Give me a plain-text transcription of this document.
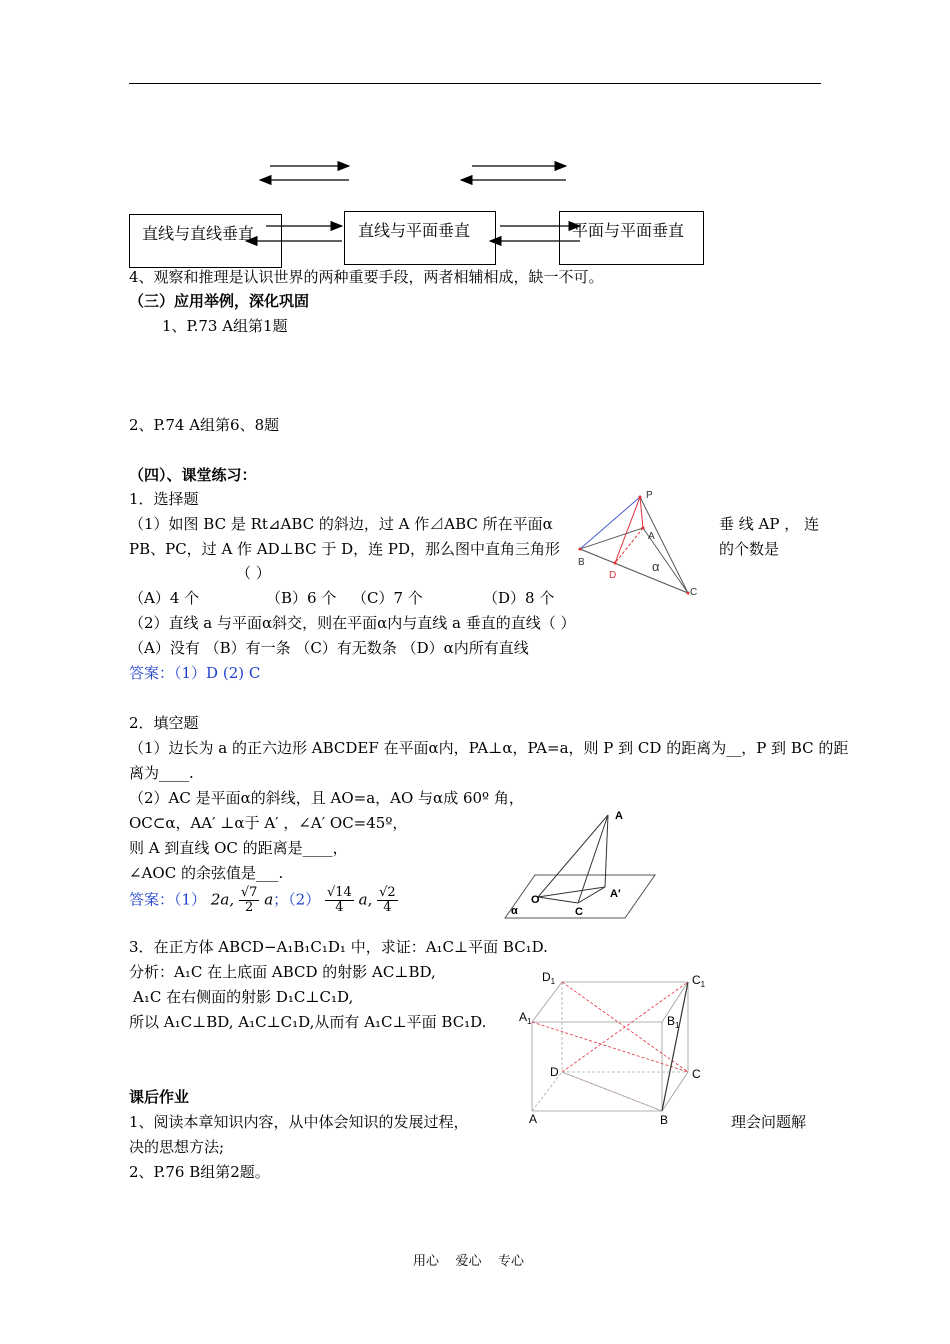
直线与直线垂直	直线与平面垂直	平面与平面垂直
4、观察和推理是认识世界的两种重要手段，两者相辅相成，缺一不可。
（三）应用举例，深化巩固
1、P.73 A组第1题
2、P.74 A组第6、8题
（四）、课堂练习：
1．选择题
（1）如图 BC 是 Rt⊿ABC 的斜边，过 A 作⊿ABC 所在平面α	垂 线 AP ， 连
PB、PC，过 A 作 AD⊥BC 于 D，连 PD，那么图中直角三角形	的个数是
（ ）
（A）4 个	（B）6 个 （C）7 个	（D）8 个
（2）直线 a 与平面α斜交，则在平面α内与直线 a 垂直的直线（ ）
（A）没有 （B）有一条 （C）有无数条 （D）α内所有直线
答案：（1）D (2) C
P
A
B
D
C
α
2．填空题
（1）边长为 a 的正六边形 ABCDEF 在平面α内，PA⊥α，PA=a，则 P 到 CD 的距离为__，P 到 BC 的距
离为____.
（2）AC 是平面α的斜线，且 AO=a，AO 与α成 60º 角，
OC⊂α，AA′ ⊥α于 A′ ，∠A′ OC=45º，
则 A 到直线 OC 的距离是____，
∠AOC 的余弦值是___.
答案：（1） 2a, $\frac{√7}{2}$ a；$(2) \frac{√14}{4} a$, $\frac{√2}{4}$
A
O
C
A′
α
3．在正方体 ABCD−A₁B₁C₁D₁ 中，求证：A₁C⊥平面 BC₁D.
分析：A₁C 在上底面 ABCD 的射影 AC⊥BD,
A₁C 在右侧面的射影 D₁C⊥C₁D,
所以 A₁C⊥BD, A₁C⊥C₁D,从而有 A₁C⊥平面 BC₁D.
$D_1$	$C_1$
$A_1$	$B_1$
D	C
A	B
课后作业
1、阅读本章知识内容，从中体会知识的发展过程，	理会问题解
决的思想方法;
2、P.76 B组第2题。
用心    爱心    专心
